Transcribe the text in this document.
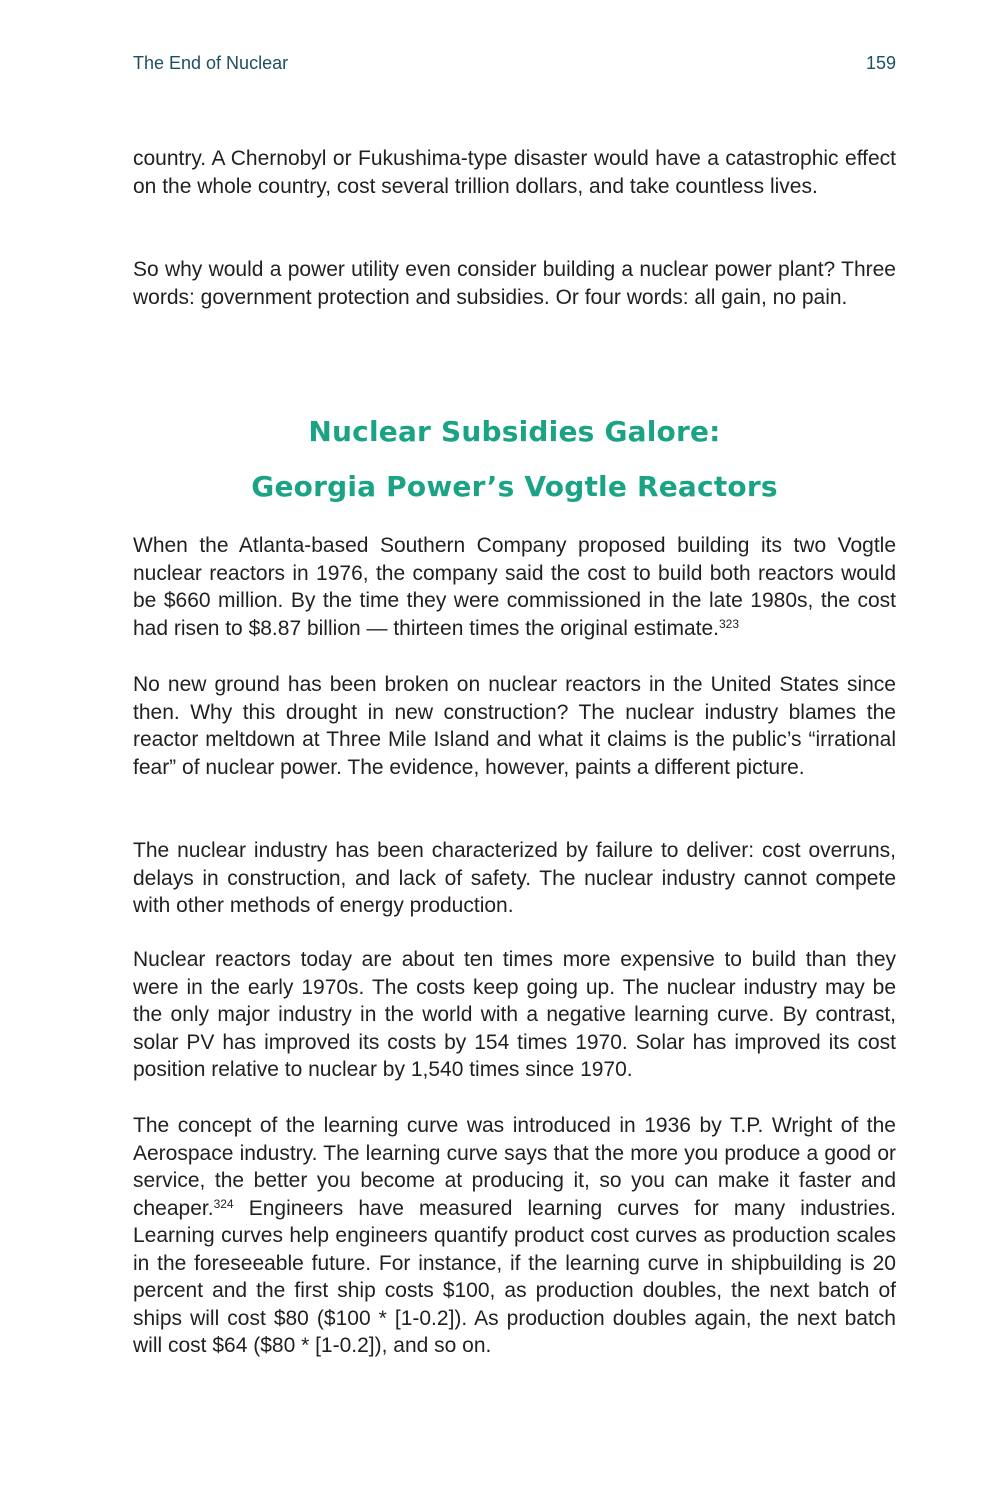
The End of Nuclear	159

country. A Chernobyl or Fukushima-type disaster would have a catastrophic effect on the whole country, cost several trillion dollars, and take countless lives.

So why would a power utility even consider building a nuclear power plant? Three words: government protection and subsidies. Or four words: all gain, no pain.

Nuclear Subsidies Galore:
Georgia Power’s Vogtle Reactors

When the Atlanta-based Southern Company proposed building its two Vogtle nuclear reactors in 1976, the company said the cost to build both reactors would be $660 million. By the time they were commissioned in the late 1980s, the cost had risen to $8.87 billion — thirteen times the original estimate.$^{323}$

No new ground has been broken on nuclear reactors in the United States since then. Why this drought in new construction? The nuclear industry blames the reactor meltdown at Three Mile Island and what it claims is the public’s “irrational fear” of nuclear power. The evidence, however, paints a different picture.

The nuclear industry has been characterized by failure to deliver: cost overruns, delays in construction, and lack of safety. The nuclear industry cannot compete with other methods of energy production.

Nuclear reactors today are about ten times more expensive to build than they were in the early 1970s. The costs keep going up. The nuclear industry may be the only major industry in the world with a negative learning curve. By contrast, solar PV has improved its costs by 154 times 1970. Solar has improved its cost position relative to nuclear by 1,540 times since 1970.

The concept of the learning curve was introduced in 1936 by T.P. Wright of the Aerospace industry. The learning curve says that the more you produce a good or service, the better you become at producing it, so you can make it faster and cheaper.$^{324}$ Engineers have measured learning curves for many industries. Learning curves help engineers quantify product cost curves as production scales in the foreseeable future. For instance, if the learning curve in shipbuilding is 20 percent and the first ship costs $100, as production doubles, the next batch of ships will cost $80 ($100 * [1-0.2]). As production doubles again, the next batch will cost $64 ($80 * [1-0.2]), and so on.
